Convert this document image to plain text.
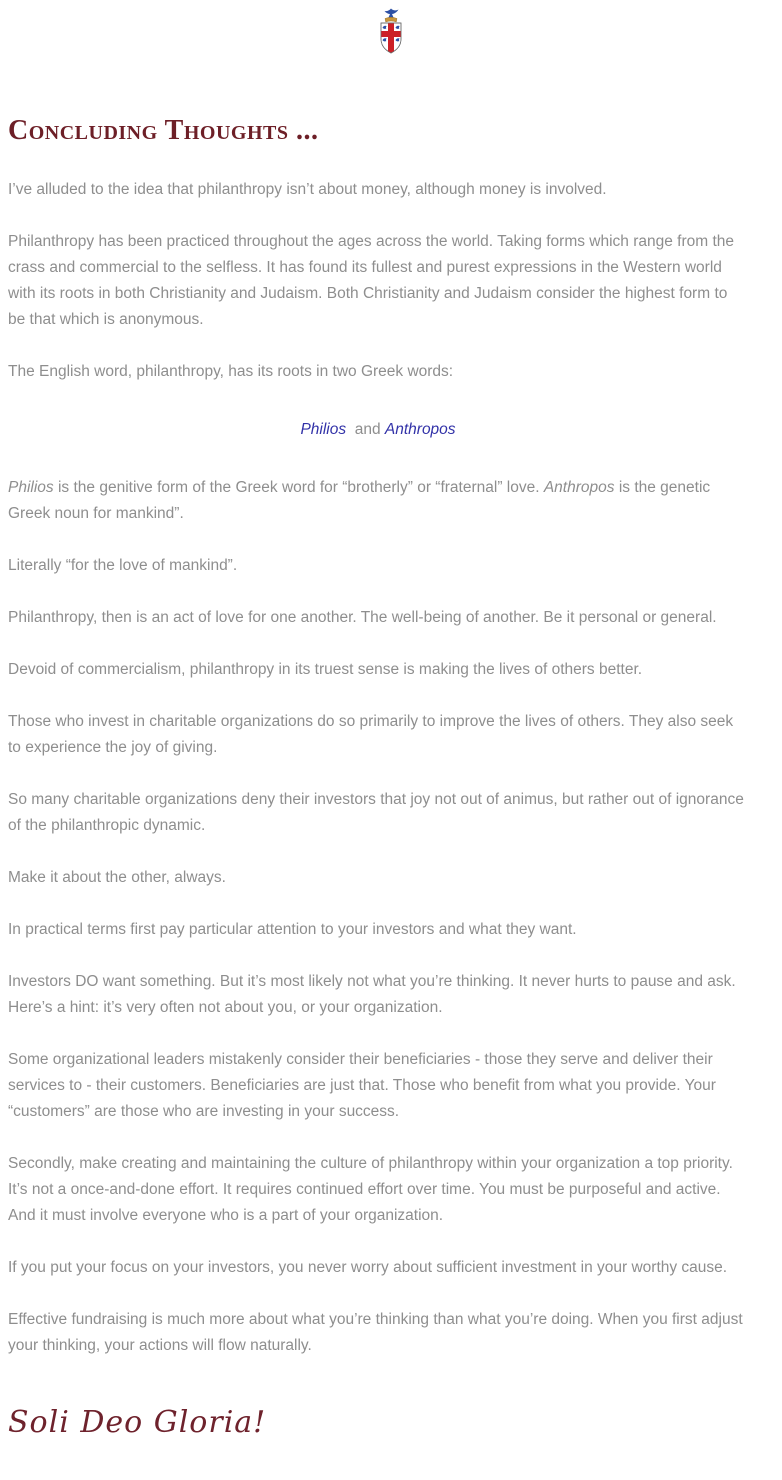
Concluding Thoughts ...

I’ve alluded to the idea that philanthropy isn’t about money, although money is involved.

Philanthropy has been practiced throughout the ages across the world. Taking forms which range from the crass and commercial to the selfless. It has found its fullest and purest expressions in the Western world with its roots in both Christianity and Judaism. Both Christianity and Judaism consider the highest form to be that which is anonymous.

The English word, philanthropy, has its roots in two Greek words:

Philios  and Anthropos

Philios is the genitive form of the Greek word for “brotherly” or “fraternal” love. Anthropos is the genetic Greek noun for mankind”.

Literally “for the love of mankind”.

Philanthropy, then is an act of love for one another. The well-being of another. Be it personal or general.

Devoid of commercialism, philanthropy in its truest sense is making the lives of others better.

Those who invest in charitable organizations do so primarily to improve the lives of others. They also seek to experience the joy of giving.

So many charitable organizations deny their investors that joy not out of animus, but rather out of ignorance of the philanthropic dynamic.

Make it about the other, always.

In practical terms first pay particular attention to your investors and what they want.

Investors DO want something. But it’s most likely not what you’re thinking. It never hurts to pause and ask. Here’s a hint: it’s very often not about you, or your organization.

Some organizational leaders mistakenly consider their beneficiaries - those they serve and deliver their services to - their customers. Beneficiaries are just that. Those who benefit from what you provide. Your “customers” are those who are investing in your success.

Secondly, make creating and maintaining the culture of philanthropy within your organization a top priority. It’s not a once-and-done effort. It requires continued effort over time. You must be purposeful and active. And it must involve everyone who is a part of your organization.

If you put your focus on your investors, you never worry about sufficient investment in your worthy cause.

Effective fundraising is much more about what you’re thinking than what you’re doing. When you first adjust your thinking, your actions will flow naturally.

Soli Deo Gloria!
